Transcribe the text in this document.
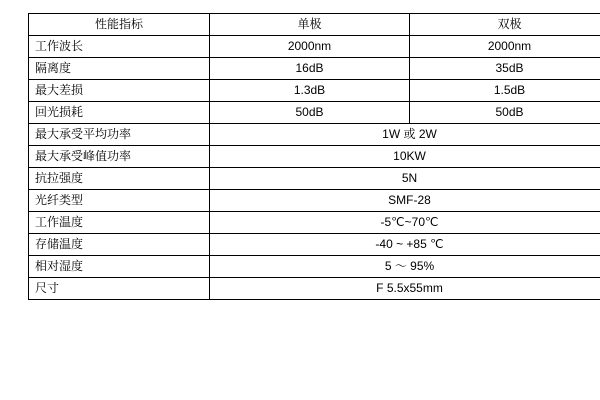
性能指标	单极	双极
工作波长	2000nm	2000nm
隔离度	16dB	35dB
最大差损	1.3dB	1.5dB
回光损耗	50dB	50dB
最大承受平均功率	1W 或 2W	
最大承受峰值功率	10KW	
抗拉强度	5N	
光纤类型	SMF-28	
工作温度	-5℃~70℃	
存储温度	-40 ~ +85 ℃	
相对湿度	5 ～ 95%	
尺寸	F 5.5x55mm	
